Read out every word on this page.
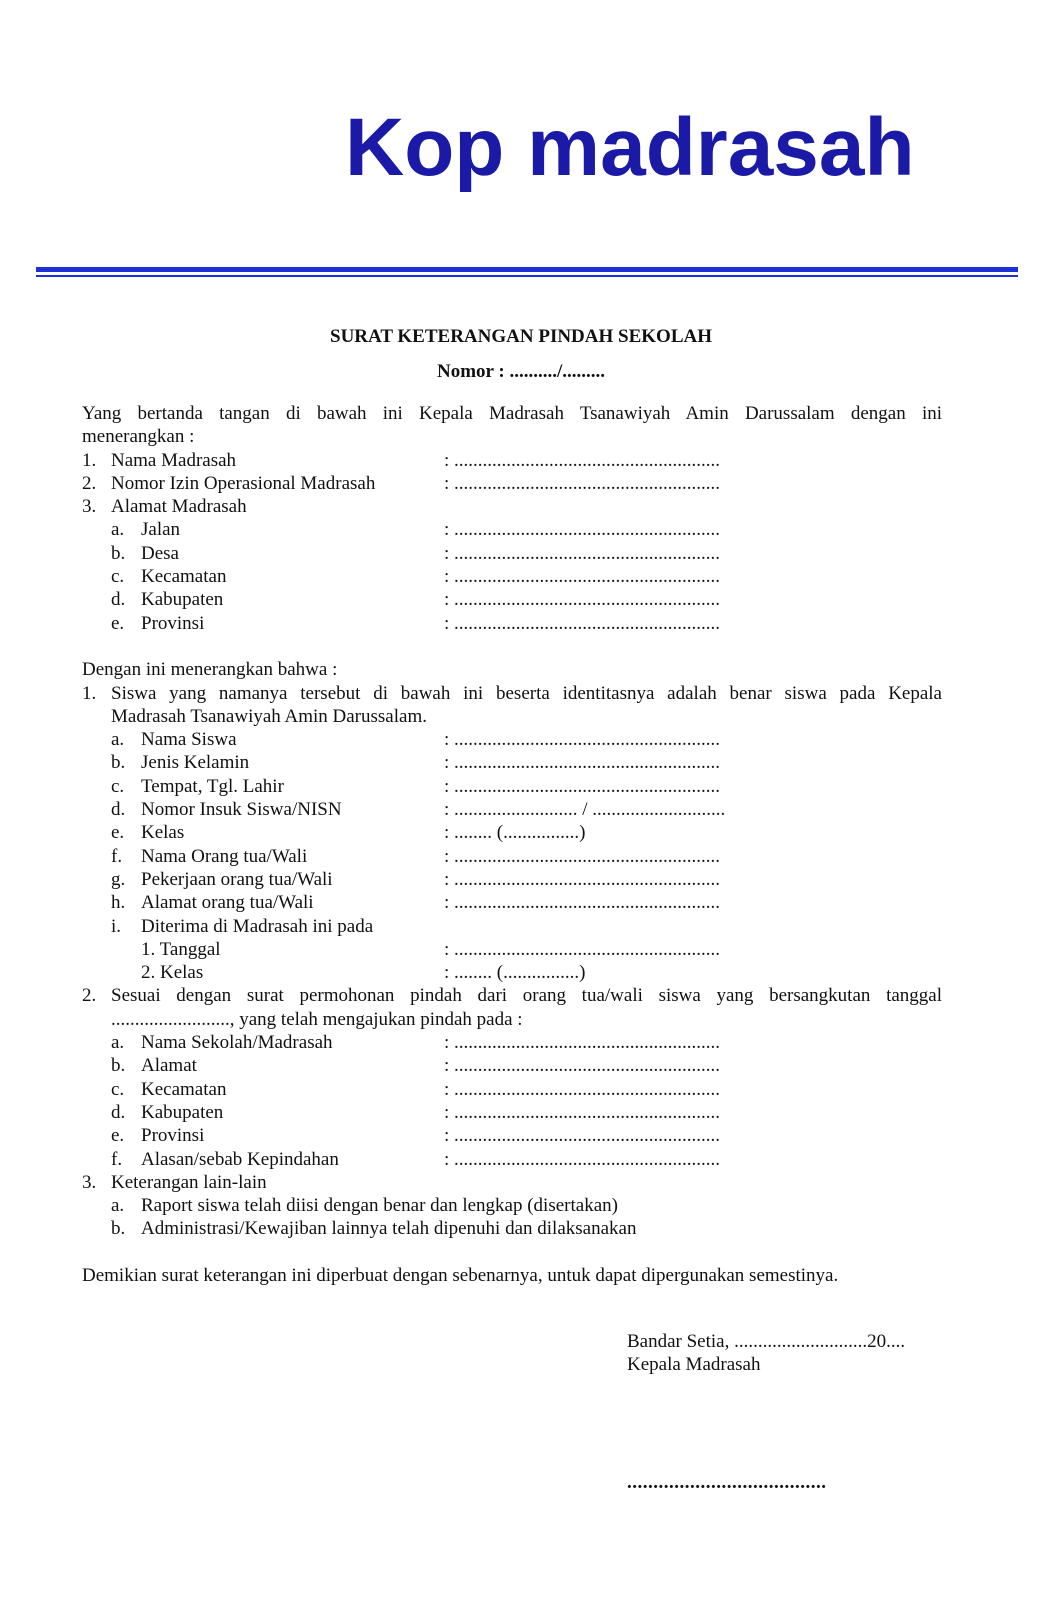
Kop madrasah
SURAT KETERANGAN PINDAH SEKOLAH
Nomor : ........../.........
Yang bertanda tangan di bawah ini Kepala Madrasah Tsanawiyah Amin Darussalam dengan ini
menerangkan :
1. Nama Madrasah	: ........................................................
2. Nomor Izin Operasional Madrasah	: ........................................................
3. Alamat Madrasah
a. Jalan	: ........................................................
b. Desa	: ........................................................
c. Kecamatan	: ........................................................
d. Kabupaten	: ........................................................
e. Provinsi	: ........................................................
Dengan ini menerangkan bahwa :
1. Siswa yang namanya tersebut di bawah ini beserta identitasnya adalah benar siswa pada Kepala
Madrasah Tsanawiyah Amin Darussalam.
a. Nama Siswa	: ........................................................
b. Jenis Kelamin	: ........................................................
c. Tempat, Tgl. Lahir	: ........................................................
d. Nomor Insuk Siswa/NISN	: .......................... / ............................
e. Kelas	: ........ (................)
f. Nama Orang tua/Wali	: ........................................................
g. Pekerjaan orang tua/Wali	: ........................................................
h. Alamat orang tua/Wali	: ........................................................
i. Diterima di Madrasah ini pada
1. Tanggal	: ........................................................
2. Kelas	: ........ (................)
2. Sesuai dengan surat permohonan pindah dari orang tua/wali siswa yang bersangkutan tanggal
........................., yang telah mengajukan pindah pada :
a. Nama Sekolah/Madrasah	: ........................................................
b. Alamat	: ........................................................
c. Kecamatan	: ........................................................
d. Kabupaten	: ........................................................
e. Provinsi	: ........................................................
f. Alasan/sebab Kepindahan	: ........................................................
3. Keterangan lain-lain
a. Raport siswa telah diisi dengan benar dan lengkap (disertakan)
b. Administrasi/Kewajiban lainnya telah dipenuhi dan dilaksanakan
Demikian surat keterangan ini diperbuat dengan sebenarnya, untuk dapat dipergunakan semestinya.
Bandar Setia, ............................20....
Kepala Madrasah
......................................
